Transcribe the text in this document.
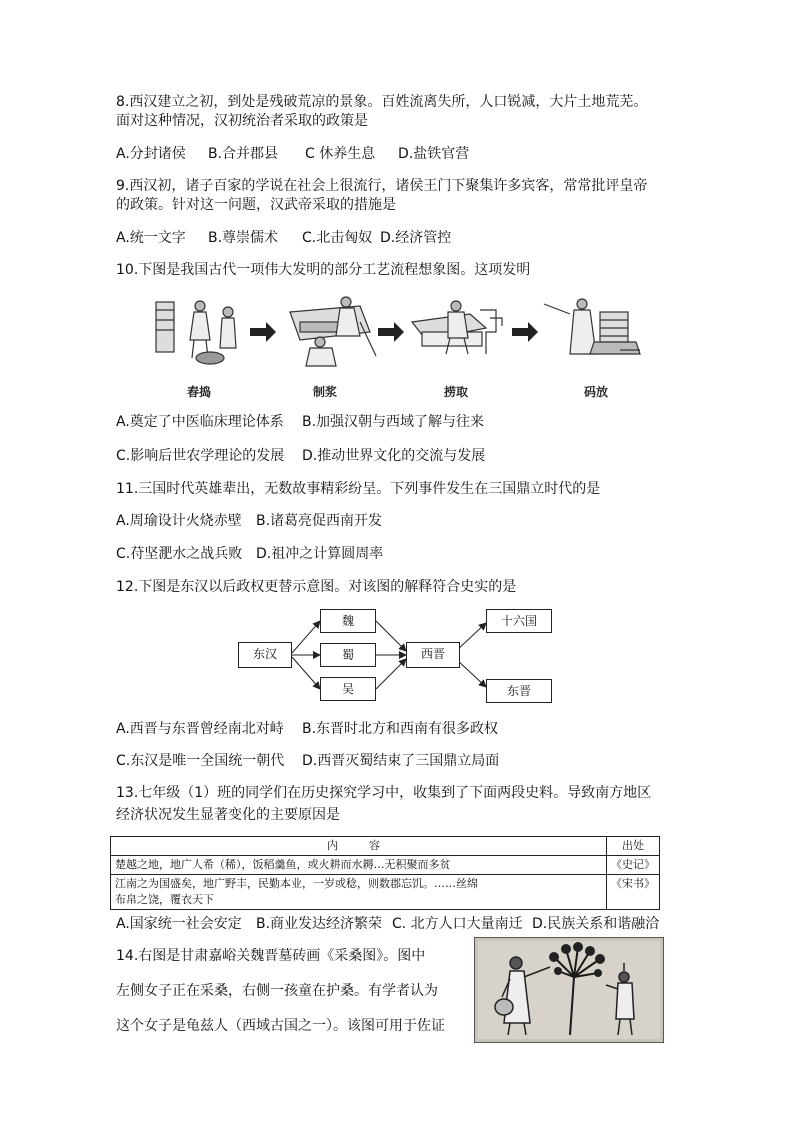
8.西汉建立之初，到处是残破荒凉的景象。百姓流离失所，人口锐减，大片土地荒芜。
面对这种情况，汉初统治者采取的政策是
A.分封诸侯 B.合并郡县 C 休养生息 D.盐铁官营
9.西汉初，诸子百家的学说在社会上很流行，诸侯王门下聚集许多宾客，常常批评皇帝
的政策。针对这一问题，汉武帝采取的措施是
A.统一文字 B.尊崇儒术 C.北击匈奴 D.经济管控
10.下图是我国古代一项伟大发明的部分工艺流程想象图。这项发明
舂捣	制浆	捞取	码放
A.奠定了中医临床理论体系 B.加强汉朝与西域了解与往来
C.影响后世农学理论的发展 D.推动世界文化的交流与发展
11.三国时代英雄辈出，无数故事精彩纷呈。下列事件发生在三国鼎立时代的是
A.周瑜设计火烧赤壁 B.诸葛亮促西南开发
C.苻坚淝水之战兵败 D.祖冲之计算圆周率
12.下图是东汉以后政权更替示意图。对该图的解释符合史实的是
东汉
魏
蜀
吴
西晋
十六国
东晋
A.西晋与东晋曾经南北对峙 B.东晋时北方和西南有很多政权
C.东汉是唯一全国统一朝代 D.西晋灭蜀结束了三国鼎立局面
13.七年级（1）班的同学们在历史探究学习中，收集到了下面两段史料。导致南方地区
经济状况发生显著变化的主要原因是
内　容	出处
楚越之地，地广人希（稀），饭稻羹鱼，或火耕而水耨…无积聚而多贫	《史记》

江南之为国盛矣，地广野丰，民勤本业，一岁或稔，则数郡忘饥。……丝绵
布帛之饶，覆衣天下	《宋书》
A.国家统一社会安定 B.商业发达经济繁荣 C. 北方人口大量南迁 D.民族关系和谐融洽
14.右图是甘肃嘉峪关魏晋墓砖画《采桑图》。图中
左侧女子正在采桑，右侧一孩童在护桑。有学者认为
这个女子是龟兹人（西域古国之一）。该图可用于佐证
